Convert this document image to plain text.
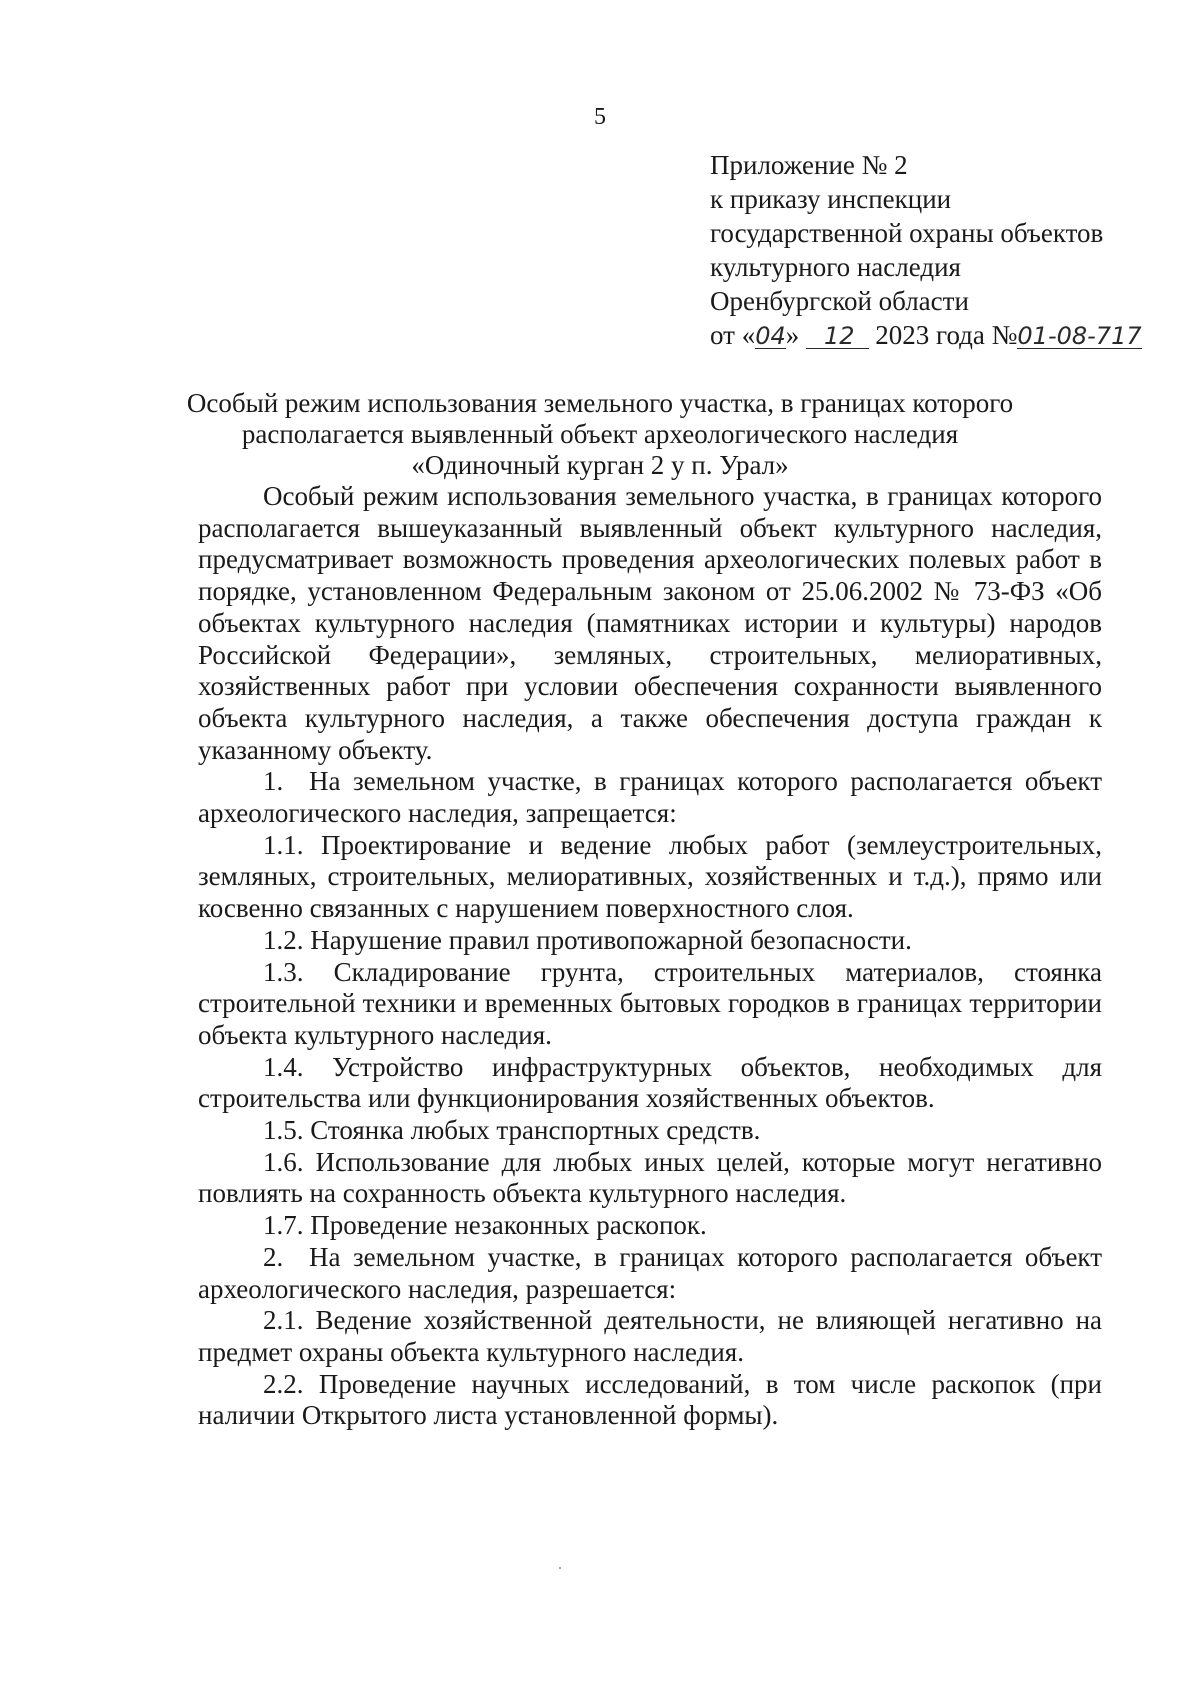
5
Приложение № 2
к приказу инспекции
государственной охраны объектов
культурного наследия
Оренбургской области
от «04» 12 2023 года №01-08-717
Особый режим использования земельного участка, в границах которого
располагается выявленный объект археологического наследия
«Одиночный курган 2 у п. Урал»

Особый режим использования земельного участка, в границах которого располагается вышеуказанный выявленный объект культурного наследия, предусматривает возможность проведения археологических полевых работ в порядке, установленном Федеральным законом от 25.06.2002 № 73-ФЗ «Об объектах культурного наследия (памятниках истории и культуры) народов Российской Федерации», земляных, строительных, мелиоративных, хозяйственных работ при условии обеспечения сохранности выявленного объекта культурного наследия, а также обеспечения доступа граждан к указанному объекту.

1. На земельном участке, в границах которого располагается объект археологического наследия, запрещается:

1.1. Проектирование и ведение любых работ (землеустроительных, земляных, строительных, мелиоративных, хозяйственных и т.д.), прямо или косвенно связанных с нарушением поверхностного слоя.

1.2. Нарушение правил противопожарной безопасности.

1.3. Складирование грунта, строительных материалов, стоянка строительной техники и временных бытовых городков в границах территории объекта культурного наследия.

1.4. Устройство инфраструктурных объектов, необходимых для строительства или функционирования хозяйственных объектов.

1.5. Стоянка любых транспортных средств.

1.6. Использование для любых иных целей, которые могут негативно повлиять на сохранность объекта культурного наследия.

1.7. Проведение незаконных раскопок.

2. На земельном участке, в границах которого располагается объект археологического наследия, разрешается:

2.1. Ведение хозяйственной деятельности, не влияющей негативно на предмет охраны объекта культурного наследия.

2.2. Проведение научных исследований, в том числе раскопок (при наличии Открытого листа установленной формы).
